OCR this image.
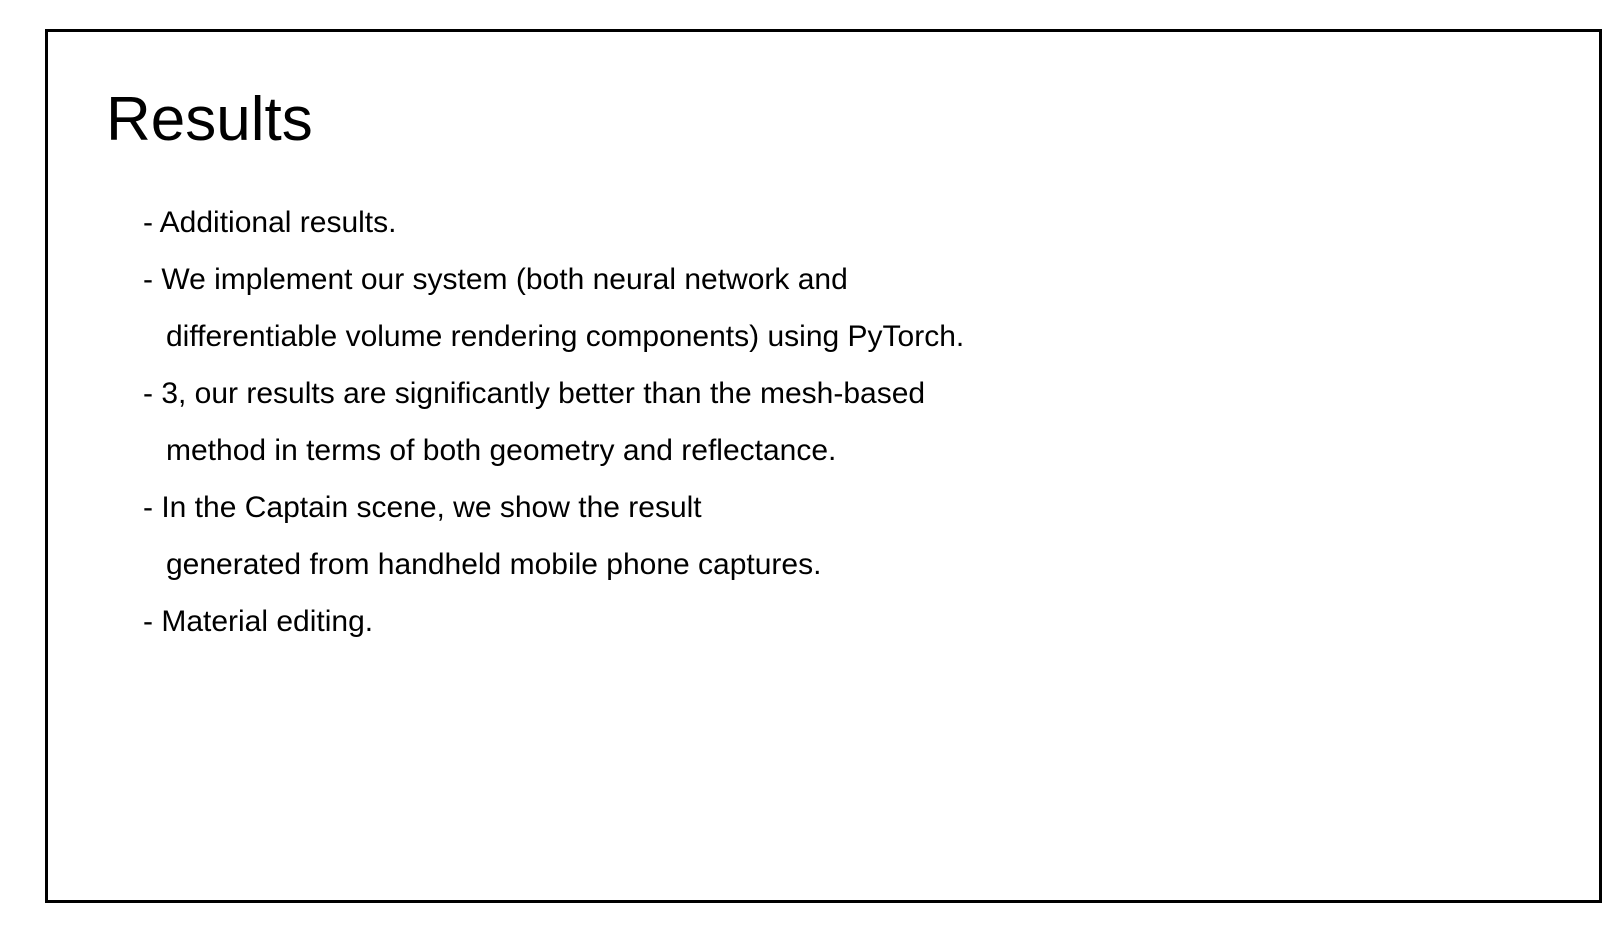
Results
- Additional results.
- We implement our system (both neural network and
differentiable volume rendering components) using PyTorch.
- 3, our results are significantly better than the mesh-based
method in terms of both geometry and reflectance.
- In the Captain scene, we show the result
generated from handheld mobile phone captures.
- Material editing.
